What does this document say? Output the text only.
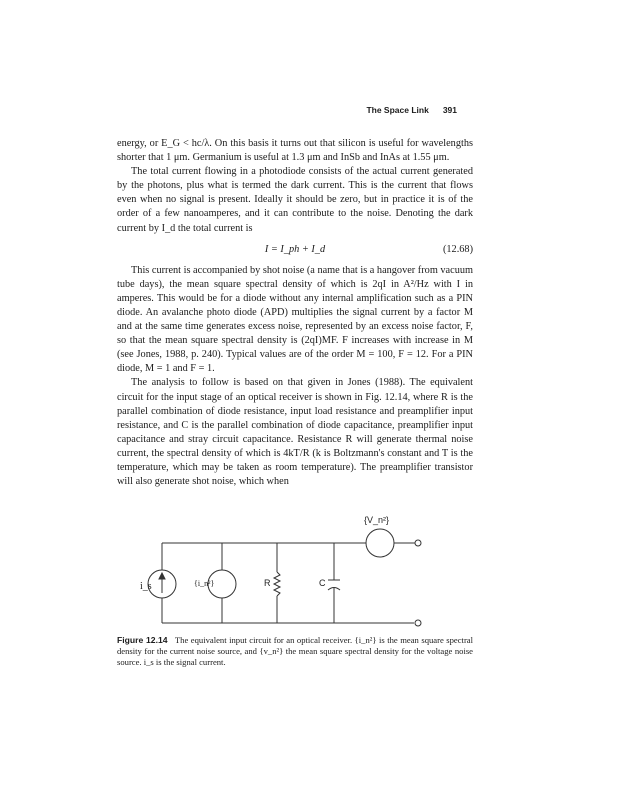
The Space Link 391

energy, or E_G < hc/λ. On this basis it turns out that silicon is useful for wavelengths shorter that 1 μm. Germanium is useful at 1.3 μm and InSb and InAs at 1.55 μm.

The total current flowing in a photodiode consists of the actual current generated by the photons, plus what is termed the dark current. This is the current that flows even when no signal is present. Ideally it should be zero, but in practice it is of the order of a few nanoamperes, and it can contribute to the noise. Denoting the dark current by I_d the total current is

I = I_ph + I_d	(12.68)

This current is accompanied by shot noise (a name that is a hangover from vacuum tube days), the mean square spectral density of which is 2qI in A²/Hz with I in amperes. This would be for a diode without any internal amplification such as a PIN diode. An avalanche photo diode (APD) multiplies the signal current by a factor M and at the same time generates excess noise, represented by an excess noise factor, F, so that the mean square spectral density is (2qI)MF. F increases with increase in M (see Jones, 1988, p. 240). Typical values are of the order M = 100, F = 12. For a PIN diode, M = 1 and F = 1.

The analysis to follow is based on that given in Jones (1988). The equivalent circuit for the input stage of an optical receiver is shown in Fig. 12.14, where R is the parallel combination of diode resistance, input load resistance and preamplifier input resistance, and C is the parallel combination of diode capacitance, preamplifier input capacitance and stray circuit capacitance. Resistance R will generate thermal noise current, the spectral density of which is 4kT/R (k is Boltzmann's constant and T is the temperature, which may be taken as room temperature). The preamplifier transistor will also generate shot noise, which when

i_s	{i_n²}	R	C
{V_n²}
Figure 12.14 The equivalent input circuit for an optical receiver. {i_n²} is the mean square spectral density for the current noise source, and {v_n²} the mean square spectral density for the voltage noise source. i_s is the signal current.
